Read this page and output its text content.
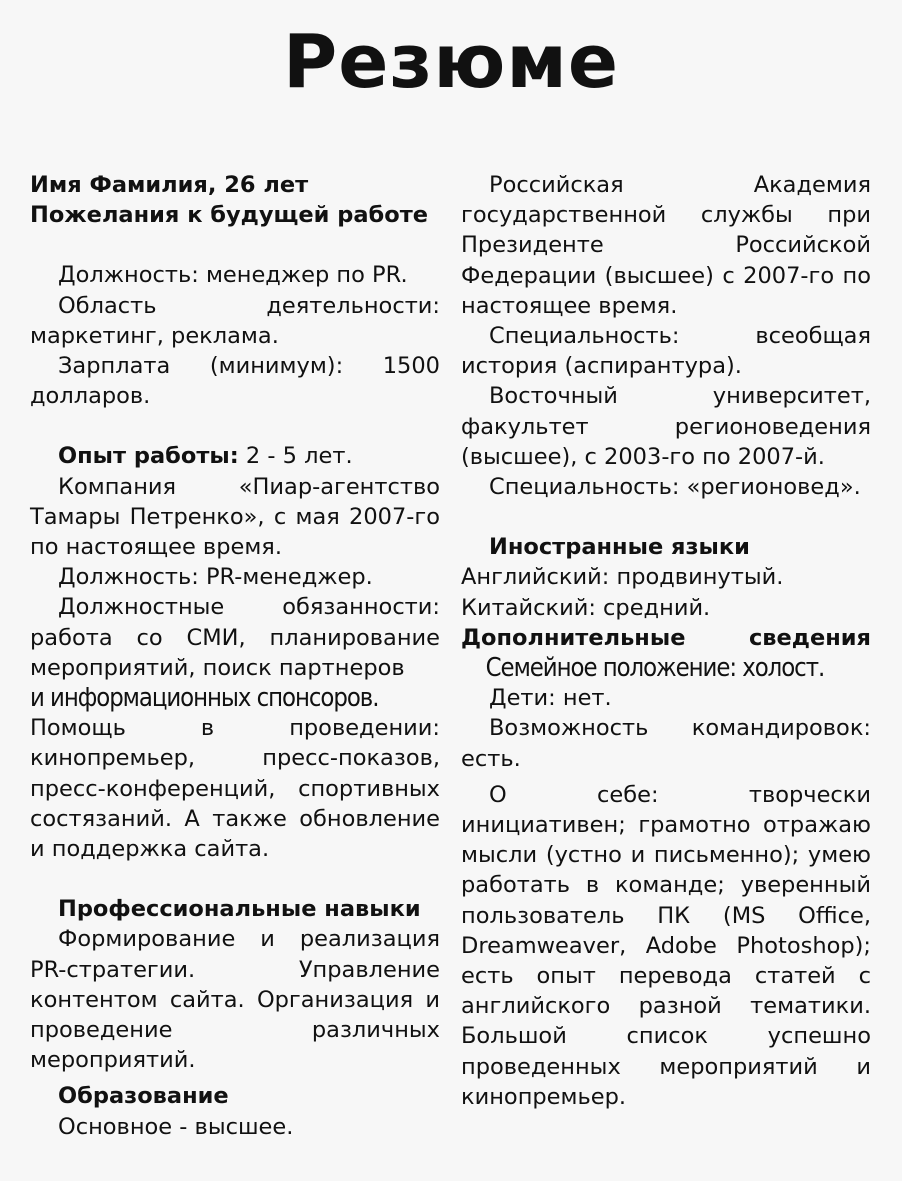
Резюме

Имя Фамилия, 26 лет

Пожелания к будущей работе

Должность: менеджер по PR.

Область деятельности: маркетинг, реклама.

Зарплата (минимум): 1500 долларов.

Опыт работы: 2 - 5 лет.

Компания «Пиар-агентство Тамары Петренко», с мая 2007-го по настоящее время.

Должность: PR-менеджер.

Должностные обязанности: работа со СМИ, планирование мероприятий, поиск партнеров

и информационных спонсоров.

Помощь в проведении: кинопремьер, пресс-показов, пресс-конференций, спортивных состязаний. А также обновление и поддержка сайта.

Профессиональные навыки

Формирование и реализация PR-стратегии. Управление контентом сайта. Организация и проведение различных мероприятий.

Образование

Основное - высшее.

Российская Академия государственной службы при Президенте Российской Федерации (высшее) с 2007-го по настоящее время.

Специальность: всеобщая история (аспирантура).

Восточный университет, факультет регионоведения (высшее), с 2003-го по 2007-й.

Специальность: «регионовед».

Иностранные языки

Английский: продвинутый.

Китайский: средний.

Дополнительные сведения

Семейное положение: холост.

Дети: нет.

Возможность командировок: есть.

О себе: творчески инициативен; грамотно отражаю мысли (устно и письменно); умею работать в команде; уверенный пользователь ПК (MS Office, Dreamweaver, Adobe Photoshop); есть опыт перевода статей с английского разной тематики. Большой список успешно проведенных мероприятий и кинопремьер.
